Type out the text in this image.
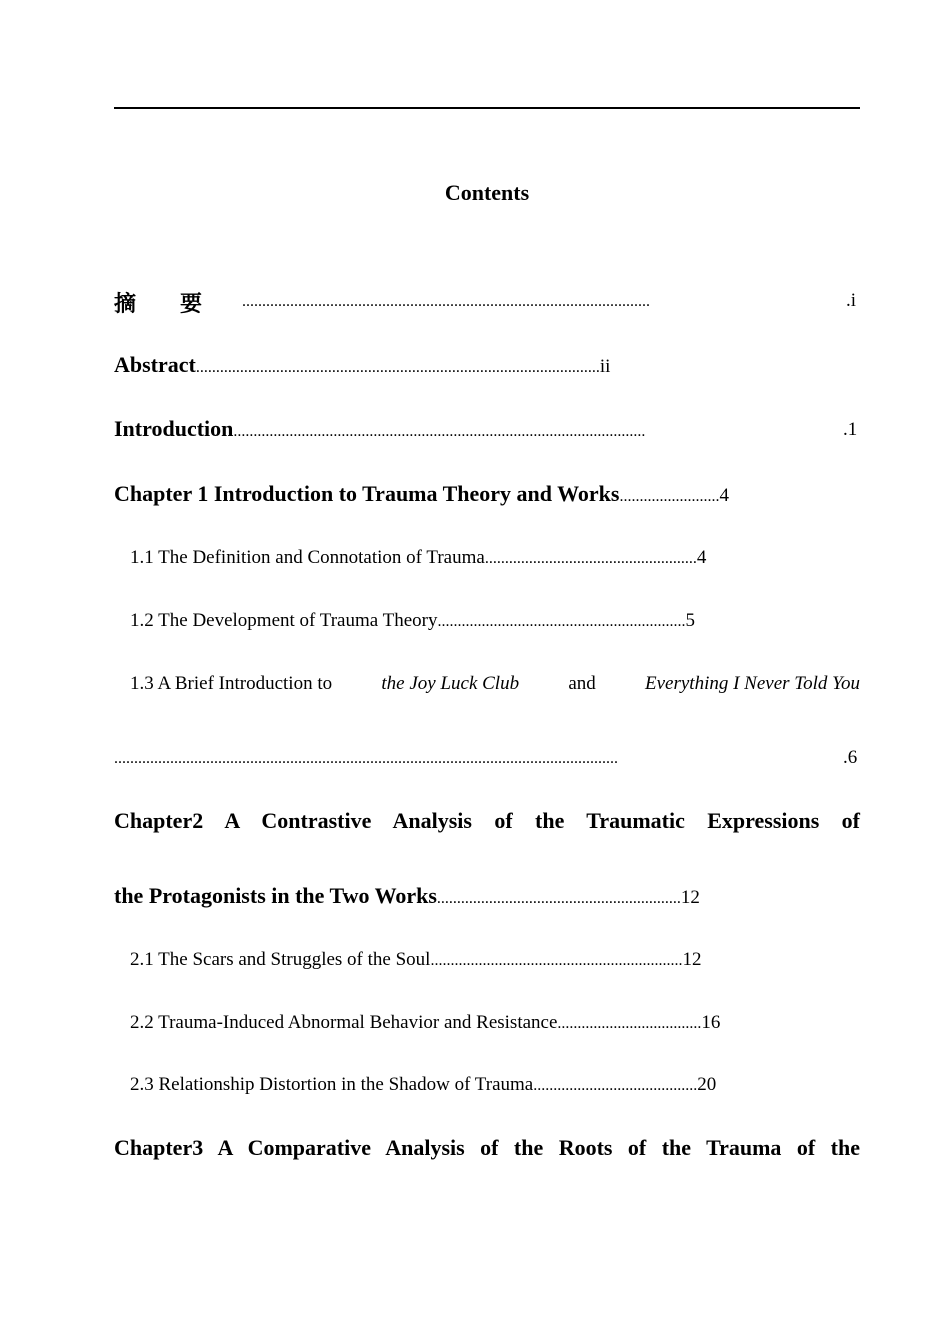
Contents
摘　　要 ......................................................................................................	.i
Abstract.....................................................................................................ii
Introduction.......................................................................................................	.1
Chapter 1 Introduction to Trauma Theory and Works.........................4
1.1 The Definition and Connotation of Trauma.....................................................4
1.2 The Development of Trauma Theory..............................................................5
1.3 A Brief Introduction to the Joy Luck Club and Everything I Never Told You
..............................................................................................................................	.6
Chapter2 A Contrastive Analysis of the Traumatic Expressions of
the Protagonists in the Two Works.............................................................12
2.1 The Scars and Struggles of the Soul...............................................................12
2.2 Trauma-Induced Abnormal Behavior and Resistance....................................16
2.3 Relationship Distortion in the Shadow of Trauma.........................................20
Chapter3 A Comparative Analysis of the Roots of the Trauma of the
